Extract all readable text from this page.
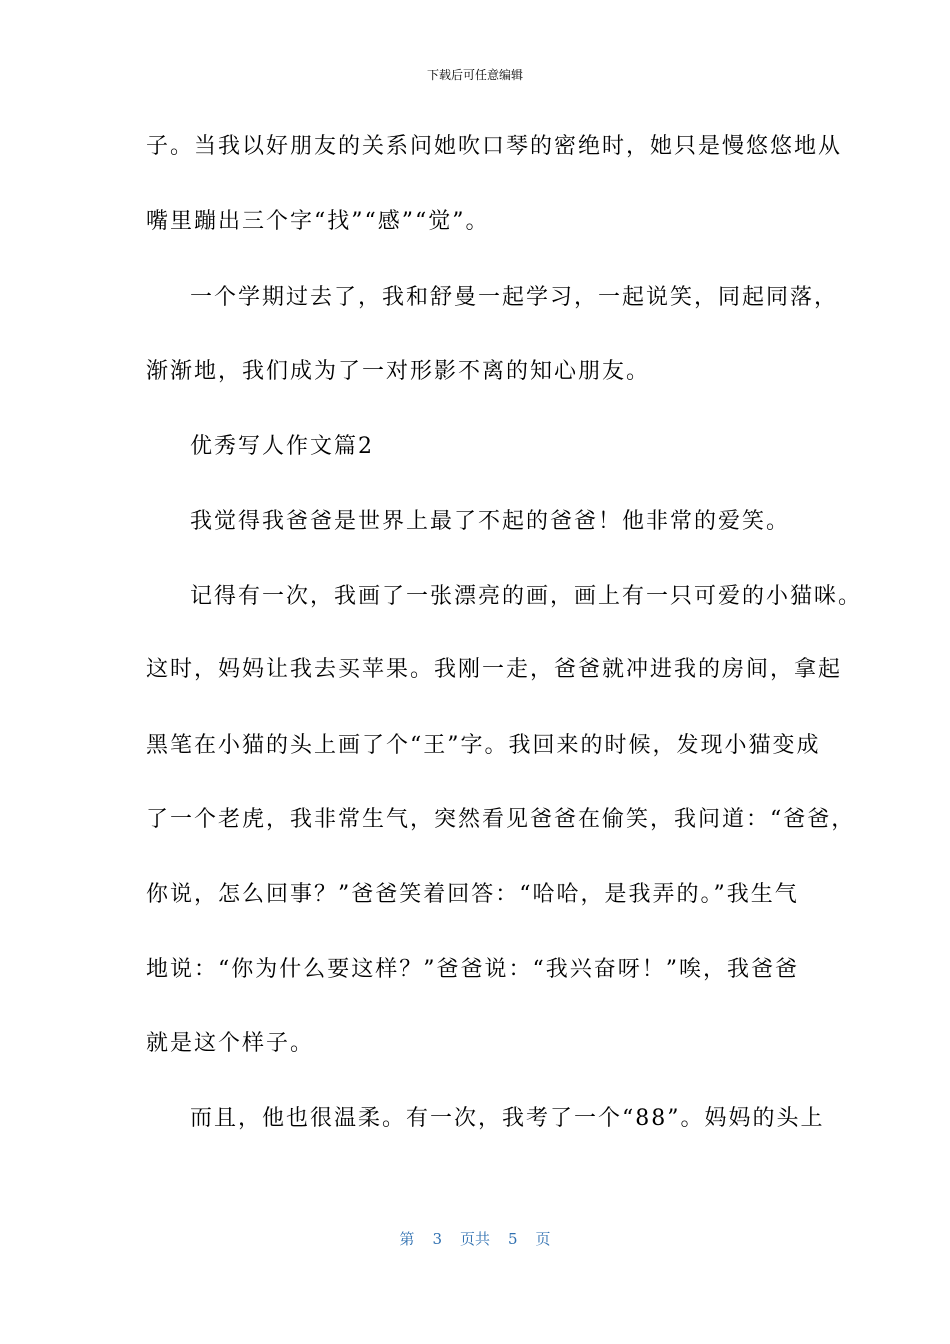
下载后可任意编辑
子。当我以好朋友的关系问她吹口琴的密绝时，她只是慢悠悠地从
嘴里蹦出三个字“找”“感”“觉”。
一个学期过去了，我和舒曼一起学习，一起说笑，同起同落，
渐渐地，我们成为了一对形影不离的知心朋友。
优秀写人作文篇2
我觉得我爸爸是世界上最了不起的爸爸！他非常的爱笑。
记得有一次，我画了一张漂亮的画，画上有一只可爱的小猫咪。
这时，妈妈让我去买苹果。我刚一走，爸爸就冲进我的房间，拿起
黑笔在小猫的头上画了个“王”字。我回来的时候，发现小猫变成
了一个老虎，我非常生气，突然看见爸爸在偷笑，我问道：“爸爸，
你说，怎么回事？”爸爸笑着回答：“哈哈，是我弄的。”我生气
地说：“你为什么要这样？”爸爸说：“我兴奋呀！”唉，我爸爸
就是这个样子。
而且，他也很温柔。有一次，我考了一个“88”。妈妈的头上
第 3 页共 5 页
